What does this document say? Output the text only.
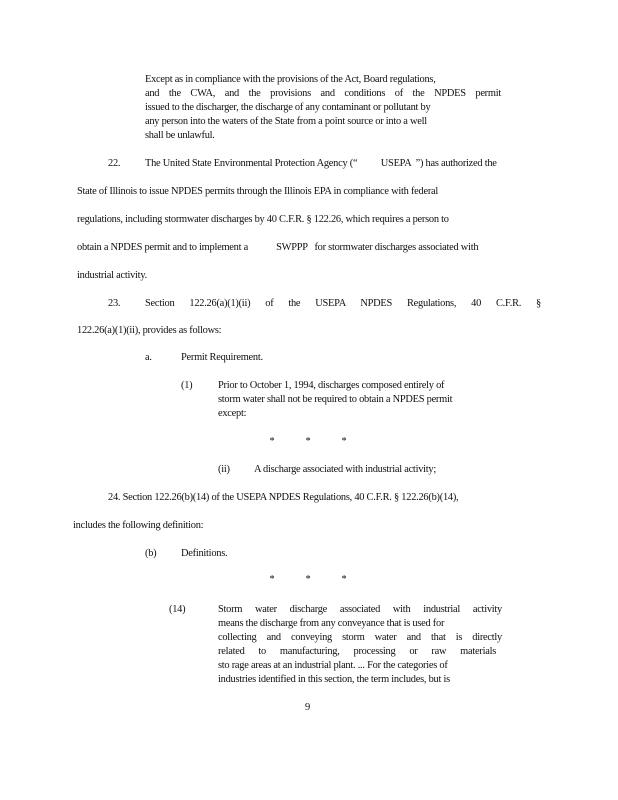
Except as in compliance with the provisions of the Act, Board regulations,
and the CWA, and the provisions and conditions of the NPDES permit
issued to the discharger, the discharge of any contaminant or pollutant by
any person into the waters of the State from a point source or into a well
shall be unlawful.
22. The United State Environmental Protection Agency (“          USEPA  ”) has authorized the
State of Illinois to issue NPDES permits through the Illinois EPA in compliance with federal
regulations, including stormwater discharges by 40 C.F.R. § 122.26, which requires a person to
obtain a NPDES permit and to implement a            SWPPP   for stormwater discharges associated with
industrial activity.
23. Section 122.26(a)(1)(ii) of the USEPA NPDES Regulations, 40 C.F.R. §
122.26(a)(1)(ii), provides as follows:
a.	Permit Requirement.
(1) Prior to October 1, 1994, discharges composed entirely of
storm water shall not be required to obtain a NPDES permit
except:
*	*	*
(ii) A discharge associated with industrial activity;
24. Section 122.26(b)(14) of the USEPA NPDES Regulations, 40 C.F.R. § 122.26(b)(14),
includes the following definition:
(b) Definitions.
*	*	*
(14)	Storm water discharge associated with industrial activity
means the discharge from any conveyance that is used for
collecting and conveying storm water and that is directly
related to manufacturing, processing or raw materials
sto rage areas at an industrial plant. ... For the categories of
industries identified in this section, the term includes, but is
9
